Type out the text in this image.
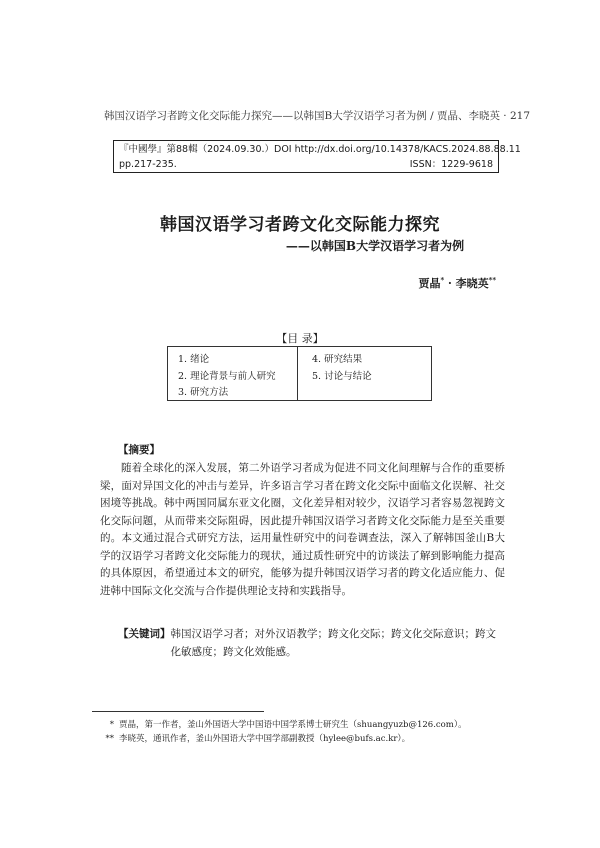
韩国汉语学习者跨文化交际能力探究——以韩国B大学汉语学习者为例 / 贾晶、李晓英 · 217
『中國學』第88輯（2024.09.30.） DOI http://dx.doi.org/10.14378/KACS.2024.88.88.11
pp.217-235.	ISSN：1229-9618
韩国汉语学习者跨文化交际能力探究
——以韩国B大学汉语学习者为例
贾晶* · 李晓英**
【目 录】
1. 绪论
2. 理论背景与前人研究
3. 研究方法
4. 研究结果
5. 讨论与结论
【摘要】
随着全球化的深入发展，第二外语学习者成为促进不同文化间理解与合作的重要桥梁，面对异国文化的冲击与差异，许多语言学习者在跨文化交际中面临文化误解、社交困境等挑战。韩中两国同属东亚文化圈，文化差异相对较少，汉语学习者容易忽视跨文化交际问题，从而带来交际阻碍，因此提升韩国汉语学习者跨文化交际能力是至关重要的。本文通过混合式研究方法，运用量性研究中的问卷调查法，深入了解韩国釜山B大学的汉语学习者跨文化交际能力的现状，通过质性研究中的访谈法了解到影响能力提高的具体原因，希望通过本文的研究，能够为提升韩国汉语学习者的跨文化适应能力、促进韩中国际文化交流与合作提供理论支持和实践指导。
【关键词】 韩国汉语学习者；对外汉语教学；跨文化交际；跨文化交际意识；跨文化敏感度；跨文化效能感。
* 贾晶，第一作者，釜山外国语大学中国语中国学系博士研究生（shuangyuzb@126.com）。
** 李晓英，通讯作者，釜山外国语大学中国学部副教授（hylee@bufs.ac.kr）。
